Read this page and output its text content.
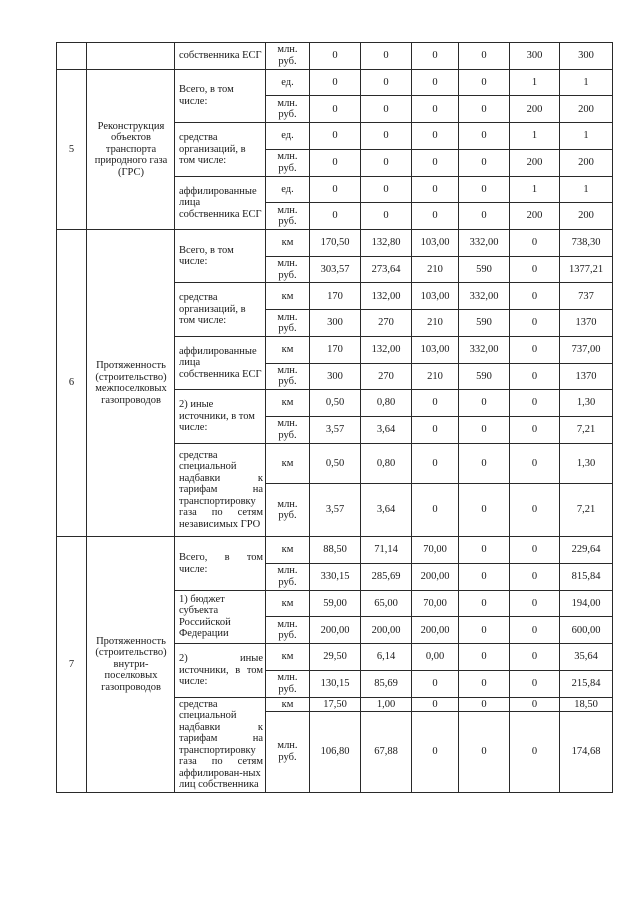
		собственника ЕСГ	млн. руб.	0	0	0	0	300	300

5	Реконструкция объектов транспорта природного газа (ГРС)	Всего, в том числе:	ед.	0	0	0	0	1	1

			млн. руб.	0	0	0	0	200	200

		средства организаций, в том числе:	ед.	0	0	0	0	1	1

			млн. руб.	0	0	0	0	200	200

		аффилированные лица собственника ЕСГ	ед.	0	0	0	0	1	1

			млн. руб.	0	0	0	0	200	200

6	Протяженность (строительство) межпоселковых газопроводов	Всего, в том числе:	км	170,50	132,80	103,00	332,00	0	738,30

			млн. руб.	303,57	273,64	210	590	0	1377,21

		средства организаций, в том числе:	км	170	132,00	103,00	332,00	0	737

			млн. руб.	300	270	210	590	0	1370

		аффилированные лица собственника ЕСГ	км	170	132,00	103,00	332,00	0	737,00

			млн. руб.	300	270	210	590	0	1370

		2) иные источники, в том числе:	км	0,50	0,80	0	0	0	1,30

			млн. руб.	3,57	3,64	0	0	0	7,21

		средства специальной надбавки к тарифам на транспортировку газа по сетям независимых ГРО	км	0,50	0,80	0	0	0	1,30

			млн. руб.	3,57	3,64	0	0	0	7,21

7	Протяженность (строительство) внутри-поселковых газопроводов	Всего, в том числе:	км	88,50	71,14	70,00	0	0	229,64

			млн. руб.	330,15	285,69	200,00	0	0	815,84

		1) бюджет субъекта Российской Федерации	км	59,00	65,00	70,00	0	0	194,00

			млн. руб.	200,00	200,00	200,00	0	0	600,00

		2) иные источники, в том числе:	км	29,50	6,14	0,00	0	0	35,64

			млн. руб.	130,15	85,69	0	0	0	215,84

		средства специальной надбавки к тарифам на транспортировку газа по сетям аффилирован-ных лиц собственника	км	17,50	1,00	0	0	0	18,50
			млн. руб.	106,80	67,88	0	0	0	174,68
